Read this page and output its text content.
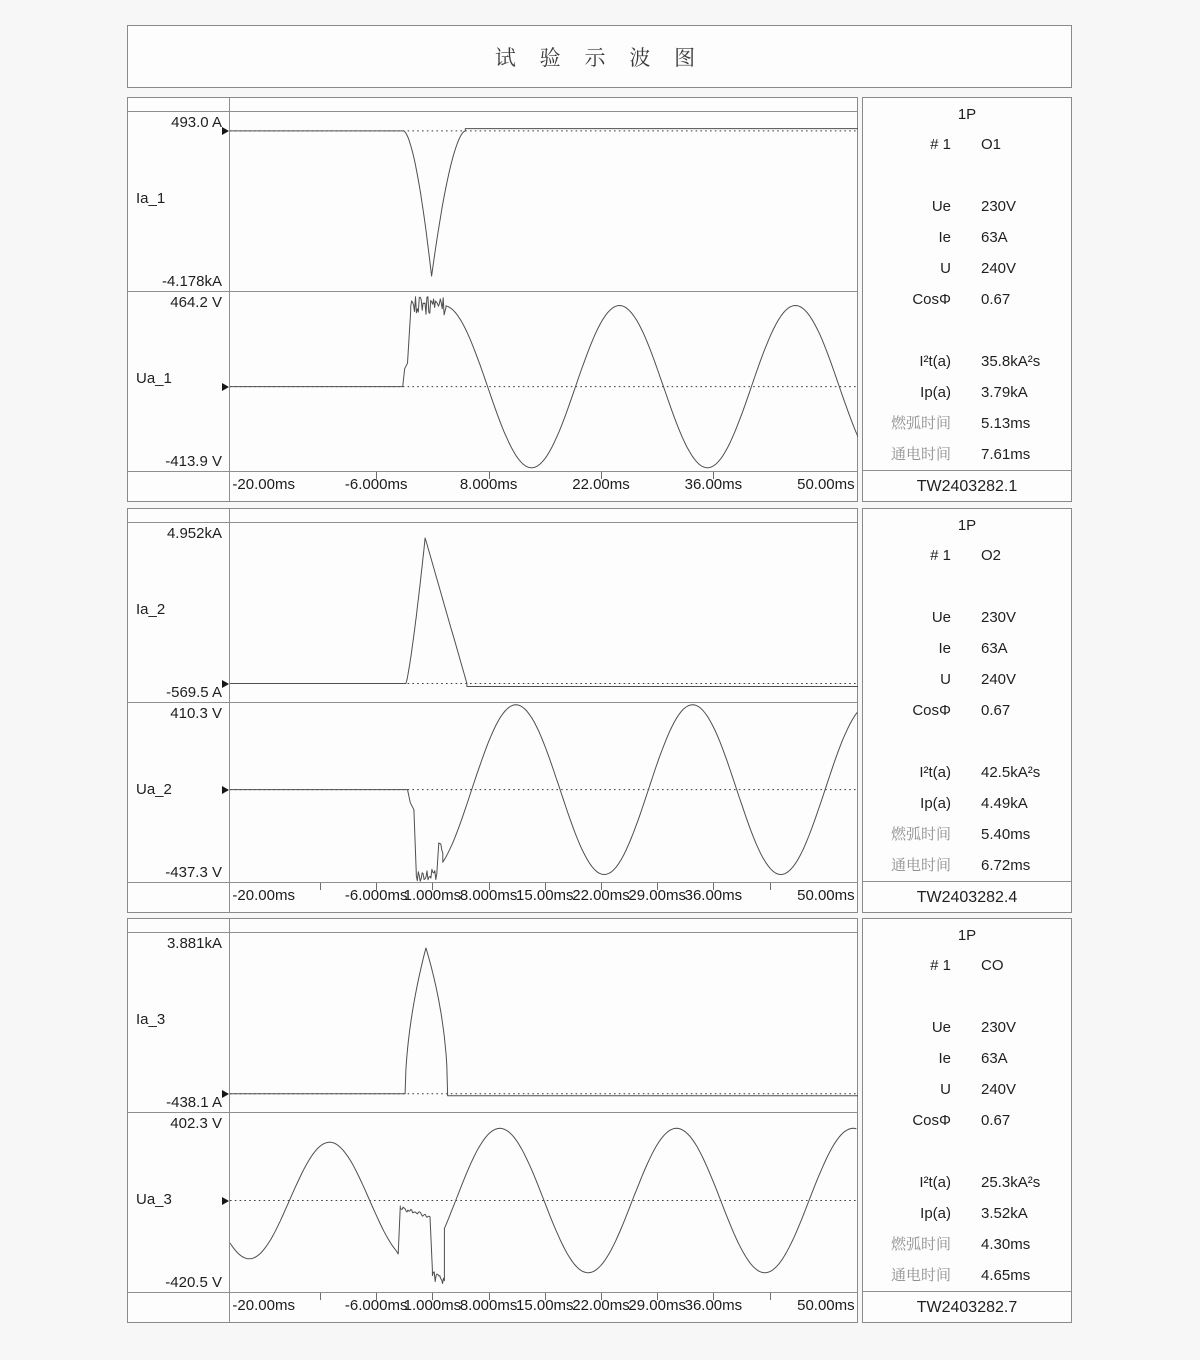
试 验 示 波 图
493.0 A
Ia_1
-4.178kA
464.2 V
Ua_1
-413.9 V
-20.00ms	-6.000ms	8.000ms	22.00ms	36.00ms	50.00ms
1P
# 1 O1
Ue 230V
Ie 63A
U 240V
CosΦ 0.67
I²t(a) 35.8kA²s
Ip(a) 3.79kA
燃弧时间 5.13ms
通电时间 7.61ms
TW2403282.1
4.952kA
Ia_2
-569.5 A
410.3 V
Ua_2
-437.3 V
-20.00ms	-6.000ms
1.000ms
8.000ms
15.00ms
22.00ms
29.00ms
36.00ms	50.00ms
1P
# 1 O2
Ue 230V
Ie 63A
U 240V
CosΦ 0.67
I²t(a) 42.5kA²s
Ip(a) 4.49kA
燃弧时间 5.40ms
通电时间 6.72ms
TW2403282.4
3.881kA
Ia_3
-438.1 A
402.3 V
Ua_3
-420.5 V
-20.00ms	-6.000ms
1.000ms
8.000ms
15.00ms
22.00ms
29.00ms
36.00ms	50.00ms
1P
# 1 CO
Ue 230V
Ie 63A
U 240V
CosΦ 0.67
I²t(a) 25.3kA²s
Ip(a) 3.52kA
燃弧时间 4.30ms
通电时间 4.65ms
TW2403282.7
